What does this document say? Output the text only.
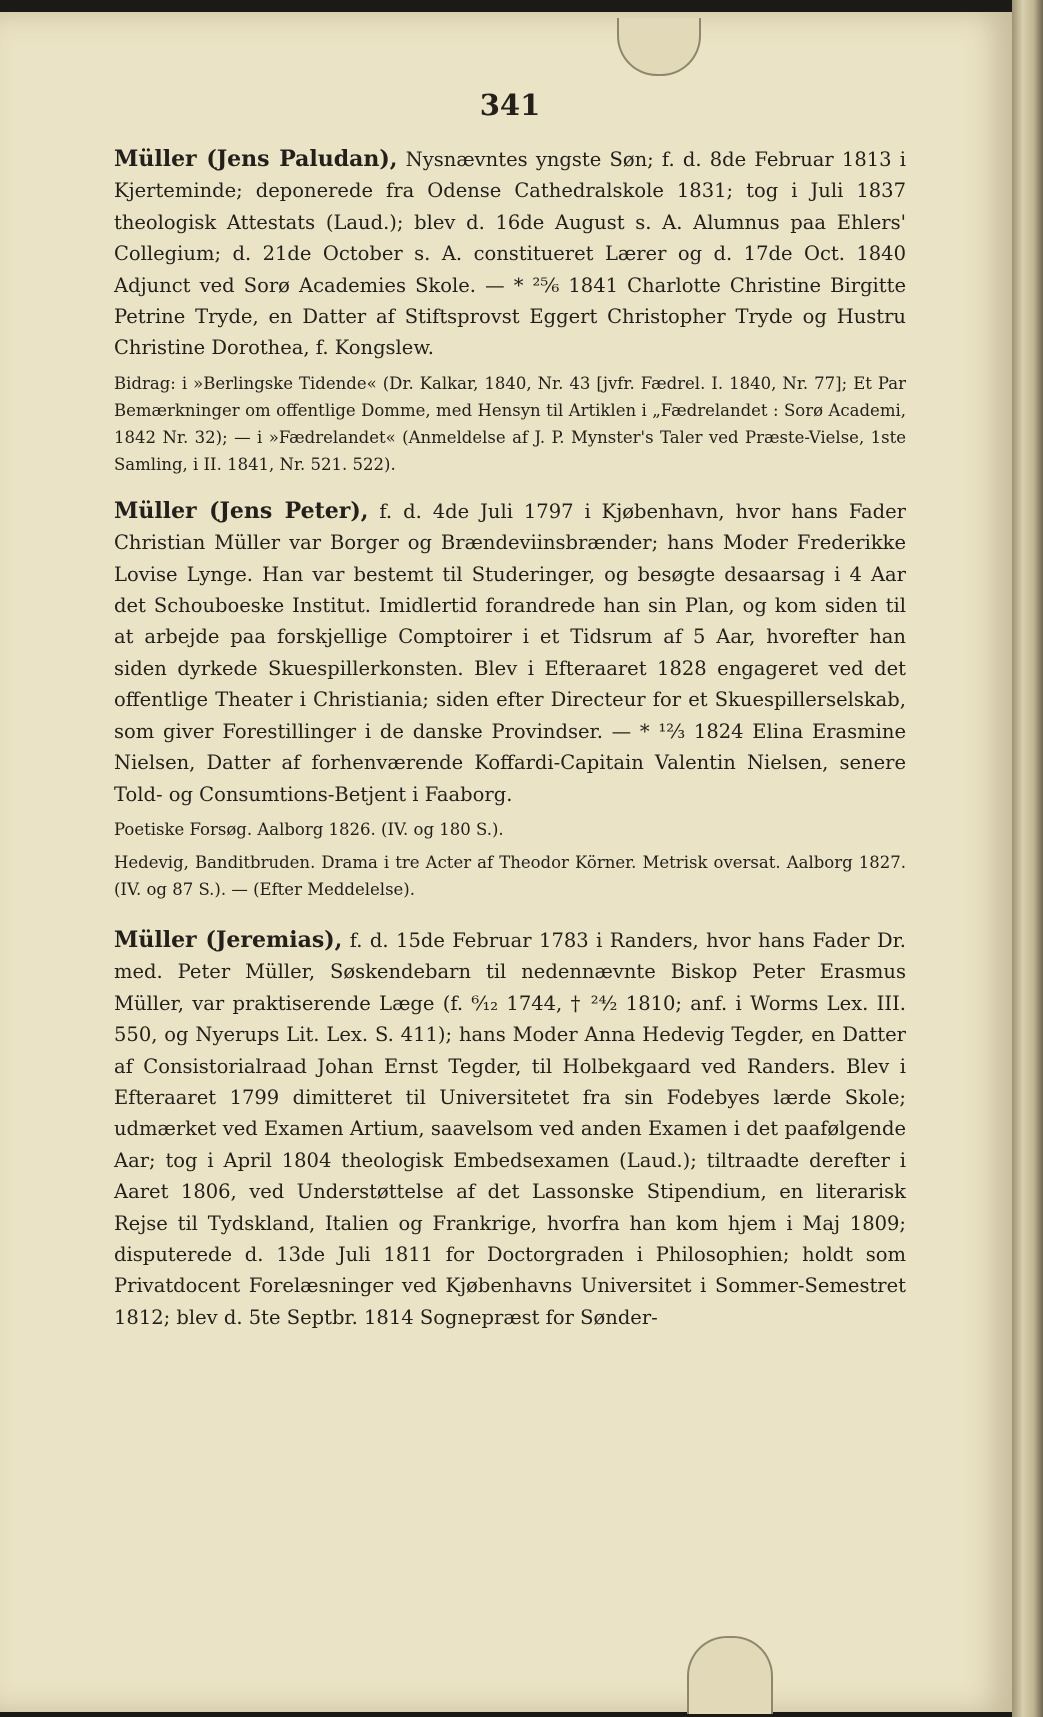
341

Müller (Jens Paludan), Nysnævntes yngste Søn; f. d. 8de Februar 1813 i Kjerteminde; deponerede fra Odense Cathedralskole 1831; tog i Juli 1837 theologisk Attestats (Laud.); blev d. 16de August s. A. Alumnus paa Ehlers' Collegium; d. 21de October s. A. constitueret Lærer og d. 17de Oct. 1840 Adjunct ved Sorø Academies Skole. — * ²⁵⁄₆ 1841 Charlotte Christine Birgitte Petrine Tryde, en Datter af Stiftsprovst Eggert Christopher Tryde og Hustru Christine Dorothea, f. Kongslew.

Bidrag: i »Berlingske Tidende« (Dr. Kalkar, 1840, Nr. 43 [jvfr. Fædrel. I. 1840, Nr. 77]; Et Par Bemærkninger om offentlige Domme, med Hensyn til Artiklen i „Fædrelandet : Sorø Academi, 1842 Nr. 32); — i »Fædrelandet« (Anmeldelse af J. P. Mynster's Taler ved Præste-Vielse, 1ste Samling, i II. 1841, Nr. 521. 522).

Müller (Jens Peter), f. d. 4de Juli 1797 i Kjøbenhavn, hvor hans Fader Christian Müller var Borger og Brændeviinsbrænder; hans Moder Frederikke Lovise Lynge. Han var bestemt til Studeringer, og besøgte desaarsag i 4 Aar det Schouboeske Institut. Imidlertid forandrede han sin Plan, og kom siden til at arbejde paa forskjellige Comptoirer i et Tidsrum af 5 Aar, hvorefter han siden dyrkede Skuespillerkonsten. Blev i Efteraaret 1828 engageret ved det offentlige Theater i Christiania; siden efter Directeur for et Skuespillerselskab, som giver Forestillinger i de danske Provindser. — * ¹²⁄₃ 1824 Elina Erasmine Nielsen, Datter af forhenværende Koffardi-Capitain Valentin Nielsen, senere Told- og Consumtions-Betjent i Faaborg.

Poetiske Forsøg. Aalborg 1826. (IV. og 180 S.).

Hedevig, Banditbruden. Drama i tre Acter af Theodor Körner. Metrisk oversat. Aalborg 1827. (IV. og 87 S.). — (Efter Meddelelse).

Müller (Jeremias), f. d. 15de Februar 1783 i Randers, hvor hans Fader Dr. med. Peter Müller, Søskendebarn til nedennævnte Biskop Peter Erasmus Müller, var praktiserende Læge (f. ⁶⁄₁₂ 1744, † ²⁴⁄₂ 1810; anf. i Worms Lex. III. 550, og Nyerups Lit. Lex. S. 411); hans Moder Anna Hedevig Tegder, en Datter af Consistorialraad Johan Ernst Tegder, til Holbekgaard ved Randers. Blev i Efteraaret 1799 dimitteret til Universitetet fra sin Fodebyes lærde Skole; udmærket ved Examen Artium, saavelsom ved anden Examen i det paafølgende Aar; tog i April 1804 theologisk Embedsexamen (Laud.); tiltraadte derefter i Aaret 1806, ved Understøttelse af det Lassonske Stipendium, en literarisk Rejse til Tydskland, Italien og Frankrige, hvorfra han kom hjem i Maj 1809; disputerede d. 13de Juli 1811 for Doctorgraden i Philosophien; holdt som Privatdocent Forelæsninger ved Kjøbenhavns Universitet i Sommer-Semestret 1812; blev d. 5te Septbr. 1814 Sognepræst for Sønder-
